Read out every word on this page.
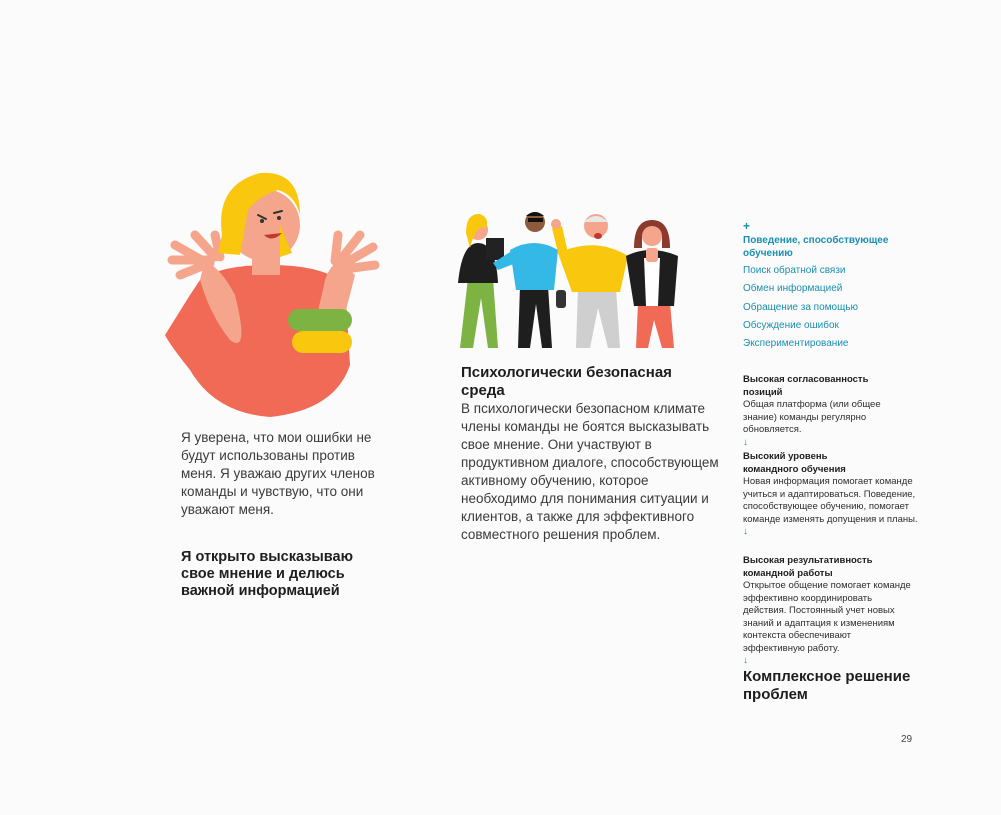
Я уверена, что мои ошибки не будут использованы против меня. Я уважаю других членов команды и чувствую, что они уважают меня.
Я открыто высказываю свое мнение и делюсь важной информацией
Психологически безопасная среда
В психологически безопасном климате члены команды не боятся высказывать свое мнение. Они участвуют в продуктивном диалоге, способствующем активному обучению, которое необходимо для понимания ситуации и клиентов, а также для эффективного совместного решения проблем.
+
Поведение, способствующее обучению
Поиск обратной связи
Обмен информацией
Обращение за помощью
Обсуждение ошибок
Экспериментирование
Высокая согласованность позиций
Общая платформа (или общее знание) команды регулярно обновляется.
↓
Высокий уровень командного обучения
Новая информация помогает команде учиться и адаптироваться. Поведение, способствующее обучению, помогает команде изменять допущения и планы.
↓
Высокая результативность командной работы
Открытое общение помогает команде эффективно координировать действия. Постоянный учет новых знаний и адаптация к изменениям контекста обеспечивают эффективную работу.
↓
Комплексное решение проблем
29
